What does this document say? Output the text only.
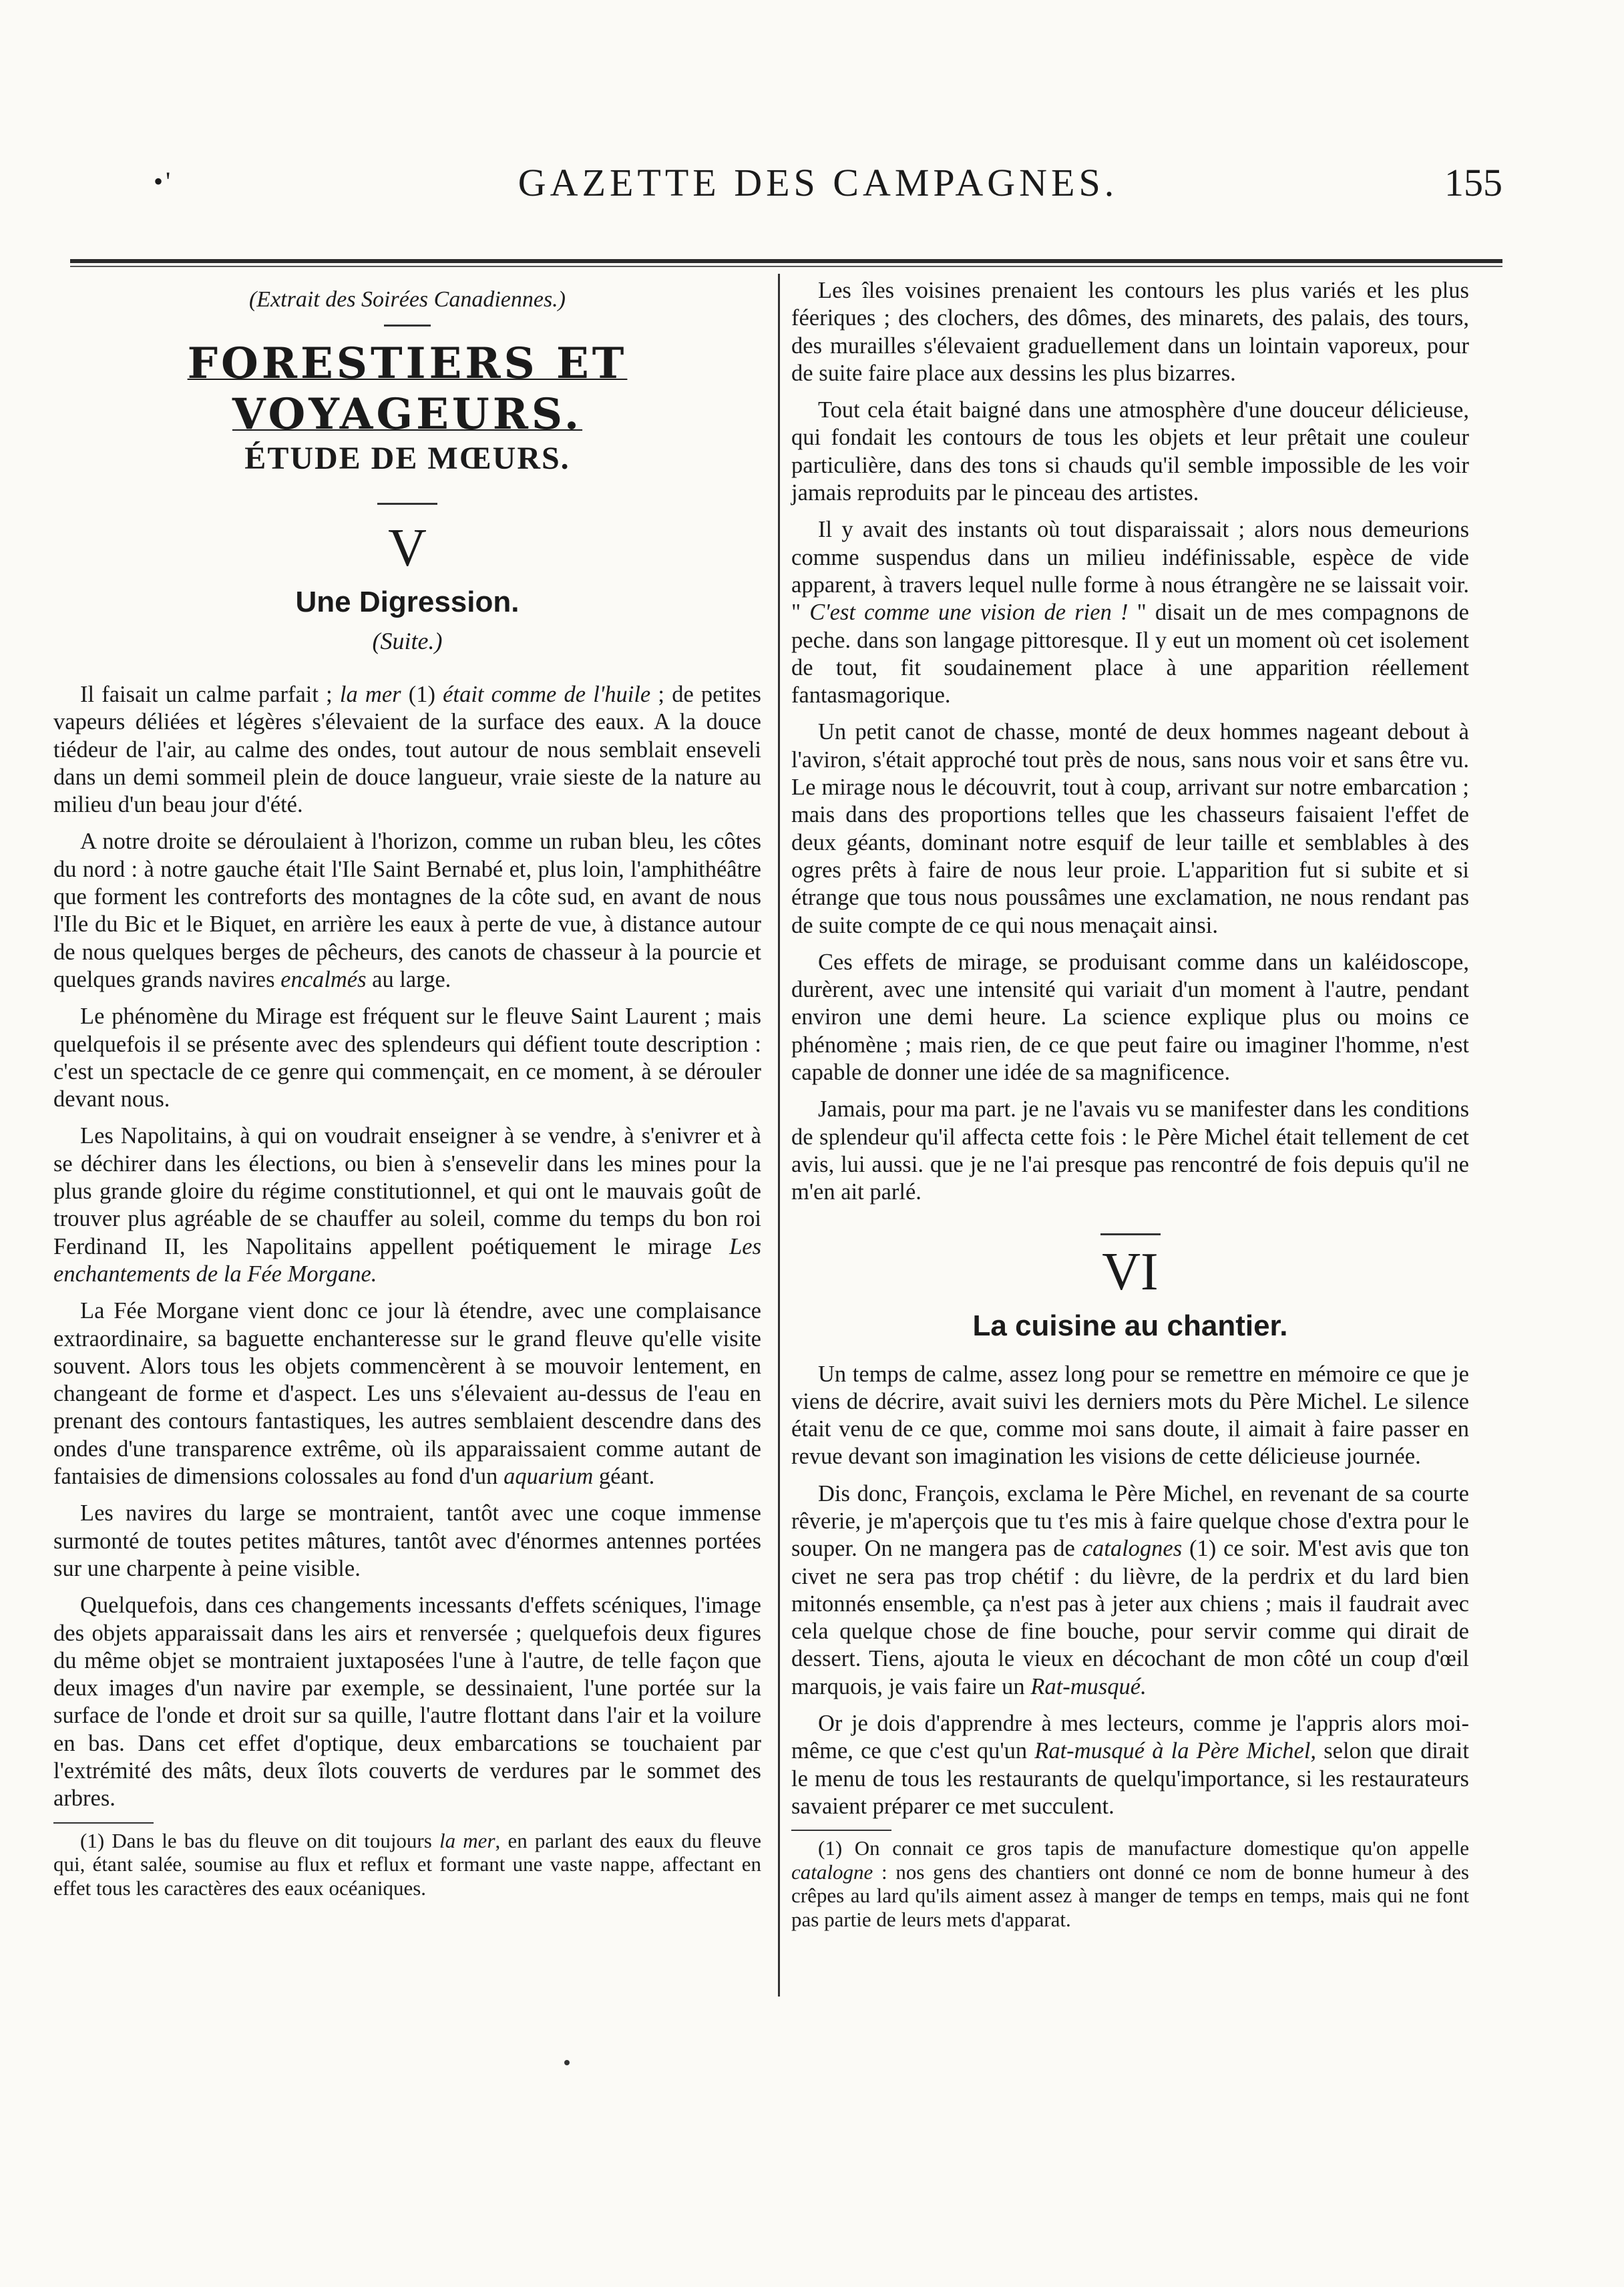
•'	GAZETTE DES CAMPAGNES.	155
(Extrait des Soirées Canadiennes.)
FORESTIERS ET VOYAGEURS.
ÉTUDE DE MŒURS.
V
Une Digression.
(Suite.)

Il faisait un calme parfait ; la mer (1) était comme de l'huile ; de petites vapeurs déliées et légères s'élevaient de la surface des eaux. A la douce tiédeur de l'air, au calme des ondes, tout autour de nous semblait enseveli dans un demi sommeil plein de douce langueur, vraie sieste de la nature au milieu d'un beau jour d'été.

A notre droite se déroulaient à l'horizon, comme un ruban bleu, les côtes du nord : à notre gauche était l'Ile Saint Bernabé et, plus loin, l'amphithéâtre que forment les contreforts des montagnes de la côte sud, en avant de nous l'Ile du Bic et le Biquet, en arrière les eaux à perte de vue, à distance autour de nous quelques berges de pêcheurs, des canots de chasseur à la pourcie et quelques grands navires encalmés au large.

Le phénomène du Mirage est fréquent sur le fleuve Saint Laurent ; mais quelquefois il se présente avec des splendeurs qui défient toute description : c'est un spectacle de ce genre qui commençait, en ce moment, à se dérouler devant nous.

Les Napolitains, à qui on voudrait enseigner à se vendre, à s'enivrer et à se déchirer dans les élections, ou bien à s'ensevelir dans les mines pour la plus grande gloire du régime constitutionnel, et qui ont le mauvais goût de trouver plus agréable de se chauffer au soleil, comme du temps du bon roi Ferdinand II, les Napolitains appellent poétiquement le mirage Les enchantements de la Fée Morgane.

La Fée Morgane vient donc ce jour là étendre, avec une complaisance extraordinaire, sa baguette enchanteresse sur le grand fleuve qu'elle visite souvent. Alors tous les objets commencèrent à se mouvoir lentement, en changeant de forme et d'aspect. Les uns s'élevaient au-dessus de l'eau en prenant des contours fantastiques, les autres semblaient descendre dans des ondes d'une transparence extrême, où ils apparaissaient comme autant de fantaisies de dimensions colossales au fond d'un aquarium géant.

Les navires du large se montraient, tantôt avec une coque immense surmonté de toutes petites mâtures, tantôt avec d'énormes antennes portées sur une charpente à peine visible.

Quelquefois, dans ces changements incessants d'effets scéniques, l'image des objets apparaissait dans les airs et renversée ; quelquefois deux figures du même objet se montraient juxtaposées l'une à l'autre, de telle façon que deux images d'un navire par exemple, se dessinaient, l'une portée sur la surface de l'onde et droit sur sa quille, l'autre flottant dans l'air et la voilure en bas. Dans cet effet d'optique, deux embarcations se touchaient par l'extrémité des mâts, deux îlots couverts de verdures par le sommet des arbres.

(1) Dans le bas du fleuve on dit toujours la mer, en parlant des eaux du fleuve qui, étant salée, soumise au flux et reflux et formant une vaste nappe, affectant en effet tous les caractères des eaux océaniques.

Les îles voisines prenaient les contours les plus variés et les plus féeriques ; des clochers, des dômes, des minarets, des palais, des tours, des murailles s'élevaient graduellement dans un lointain vaporeux, pour de suite faire place aux dessins les plus bizarres.

Tout cela était baigné dans une atmosphère d'une douceur délicieuse, qui fondait les contours de tous les objets et leur prêtait une couleur particulière, dans des tons si chauds qu'il semble impossible de les voir jamais reproduits par le pinceau des artistes.

Il y avait des instants où tout disparaissait ; alors nous demeurions comme suspendus dans un milieu indéfinissable, espèce de vide apparent, à travers lequel nulle forme à nous étrangère ne se laissait voir. " C'est comme une vision de rien ! " disait un de mes compagnons de peche. dans son langage pittoresque. Il y eut un moment où cet isolement de tout, fit soudainement place à une apparition réellement fantasmagorique.

Un petit canot de chasse, monté de deux hommes nageant debout à l'aviron, s'était approché tout près de nous, sans nous voir et sans être vu. Le mirage nous le découvrit, tout à coup, arrivant sur notre embarcation ; mais dans des proportions telles que les chasseurs faisaient l'effet de deux géants, dominant notre esquif de leur taille et semblables à des ogres prêts à faire de nous leur proie. L'apparition fut si subite et si étrange que tous nous poussâmes une exclamation, ne nous rendant pas de suite compte de ce qui nous menaçait ainsi.

Ces effets de mirage, se produisant comme dans un kaléidoscope, durèrent, avec une intensité qui variait d'un moment à l'autre, pendant environ une demi heure. La science explique plus ou moins ce phénomène ; mais rien, de ce que peut faire ou imaginer l'homme, n'est capable de donner une idée de sa magnificence.

Jamais, pour ma part. je ne l'avais vu se manifester dans les conditions de splendeur qu'il affecta cette fois : le Père Michel était tellement de cet avis, lui aussi. que je ne l'ai presque pas rencontré de fois depuis qu'il ne m'en ait parlé.

VI
La cuisine au chantier.

Un temps de calme, assez long pour se remettre en mémoire ce que je viens de décrire, avait suivi les derniers mots du Père Michel. Le silence était venu de ce que, comme moi sans doute, il aimait à faire passer en revue devant son imagination les visions de cette délicieuse journée.

Dis donc, François, exclama le Père Michel, en revenant de sa courte rêverie, je m'aperçois que tu t'es mis à faire quelque chose d'extra pour le souper. On ne mangera pas de catalognes (1) ce soir. M'est avis que ton civet ne sera pas trop chétif : du lièvre, de la perdrix et du lard bien mitonnés ensemble, ça n'est pas à jeter aux chiens ; mais il faudrait avec cela quelque chose de fine bouche, pour servir comme qui dirait de dessert. Tiens, ajouta le vieux en décochant de mon côté un coup d'œil marquois, je vais faire un Rat-musqué.

Or je dois d'apprendre à mes lecteurs, comme je l'appris alors moi-même, ce que c'est qu'un Rat-musqué à la Père Michel, selon que dirait le menu de tous les restaurants de quelqu'importance, si les restaurateurs savaient préparer ce met succulent.

(1) On connait ce gros tapis de manufacture domestique qu'on appelle catalogne : nos gens des chantiers ont donné ce nom de bonne humeur à des crêpes au lard qu'ils aiment assez à manger de temps en temps, mais qui ne font pas partie de leurs mets d'apparat.
